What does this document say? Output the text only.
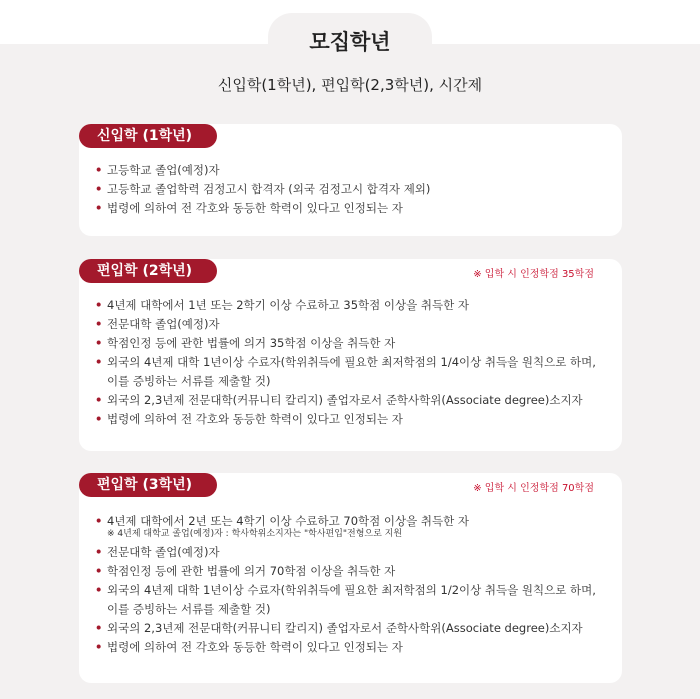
모집학년
신입학(1학년), 편입학(2,3학년), 시간제
신입학 (1학년)
• 고등학교 졸업(예정)자
• 고등학교 졸업학력 검정고시 합격자 (외국 검정고시 합격자 제외)
• 법령에 의하여 전 각호와 동등한 학력이 있다고 인정되는 자
편입학 (2학년)	※ 입학 시 인정학점 35학점
• 4년제 대학에서 1년 또는 2학기 이상 수료하고 35학점 이상을 취득한 자
• 전문대학 졸업(예정)자
• 학점인정 등에 관한 법률에 의거 35학점 이상을 취득한 자
• 외국의 4년제 대학 1년이상 수료자(학위취득에 필요한 최저학점의 1/4이상 취득을 원칙으로 하며,
이를 증빙하는 서류를 제출할 것)
• 외국의 2,3년제 전문대학(커뮤니티 칼리지) 졸업자로서 준학사학위(Associate degree)소지자
• 법령에 의하여 전 각호와 동등한 학력이 있다고 인정되는 자
편입학 (3학년)	※ 입학 시 인정학점 70학점
• 4년제 대학에서 2년 또는 4학기 이상 수료하고 70학점 이상을 취득한 자
※ 4년제 대학교 졸업(예정)자 : 학사학위소지자는 "학사편입"전형으로 지원
• 전문대학 졸업(예정)자
• 학점인정 등에 관한 법률에 의거 70학점 이상을 취득한 자
• 외국의 4년제 대학 1년이상 수료자(학위취득에 필요한 최저학점의 1/2이상 취득을 원칙으로 하며,
이를 증빙하는 서류를 제출할 것)
• 외국의 2,3년제 전문대학(커뮤니티 칼리지) 졸업자로서 준학사학위(Associate degree)소지자
• 법령에 의하여 전 각호와 동등한 학력이 있다고 인정되는 자
